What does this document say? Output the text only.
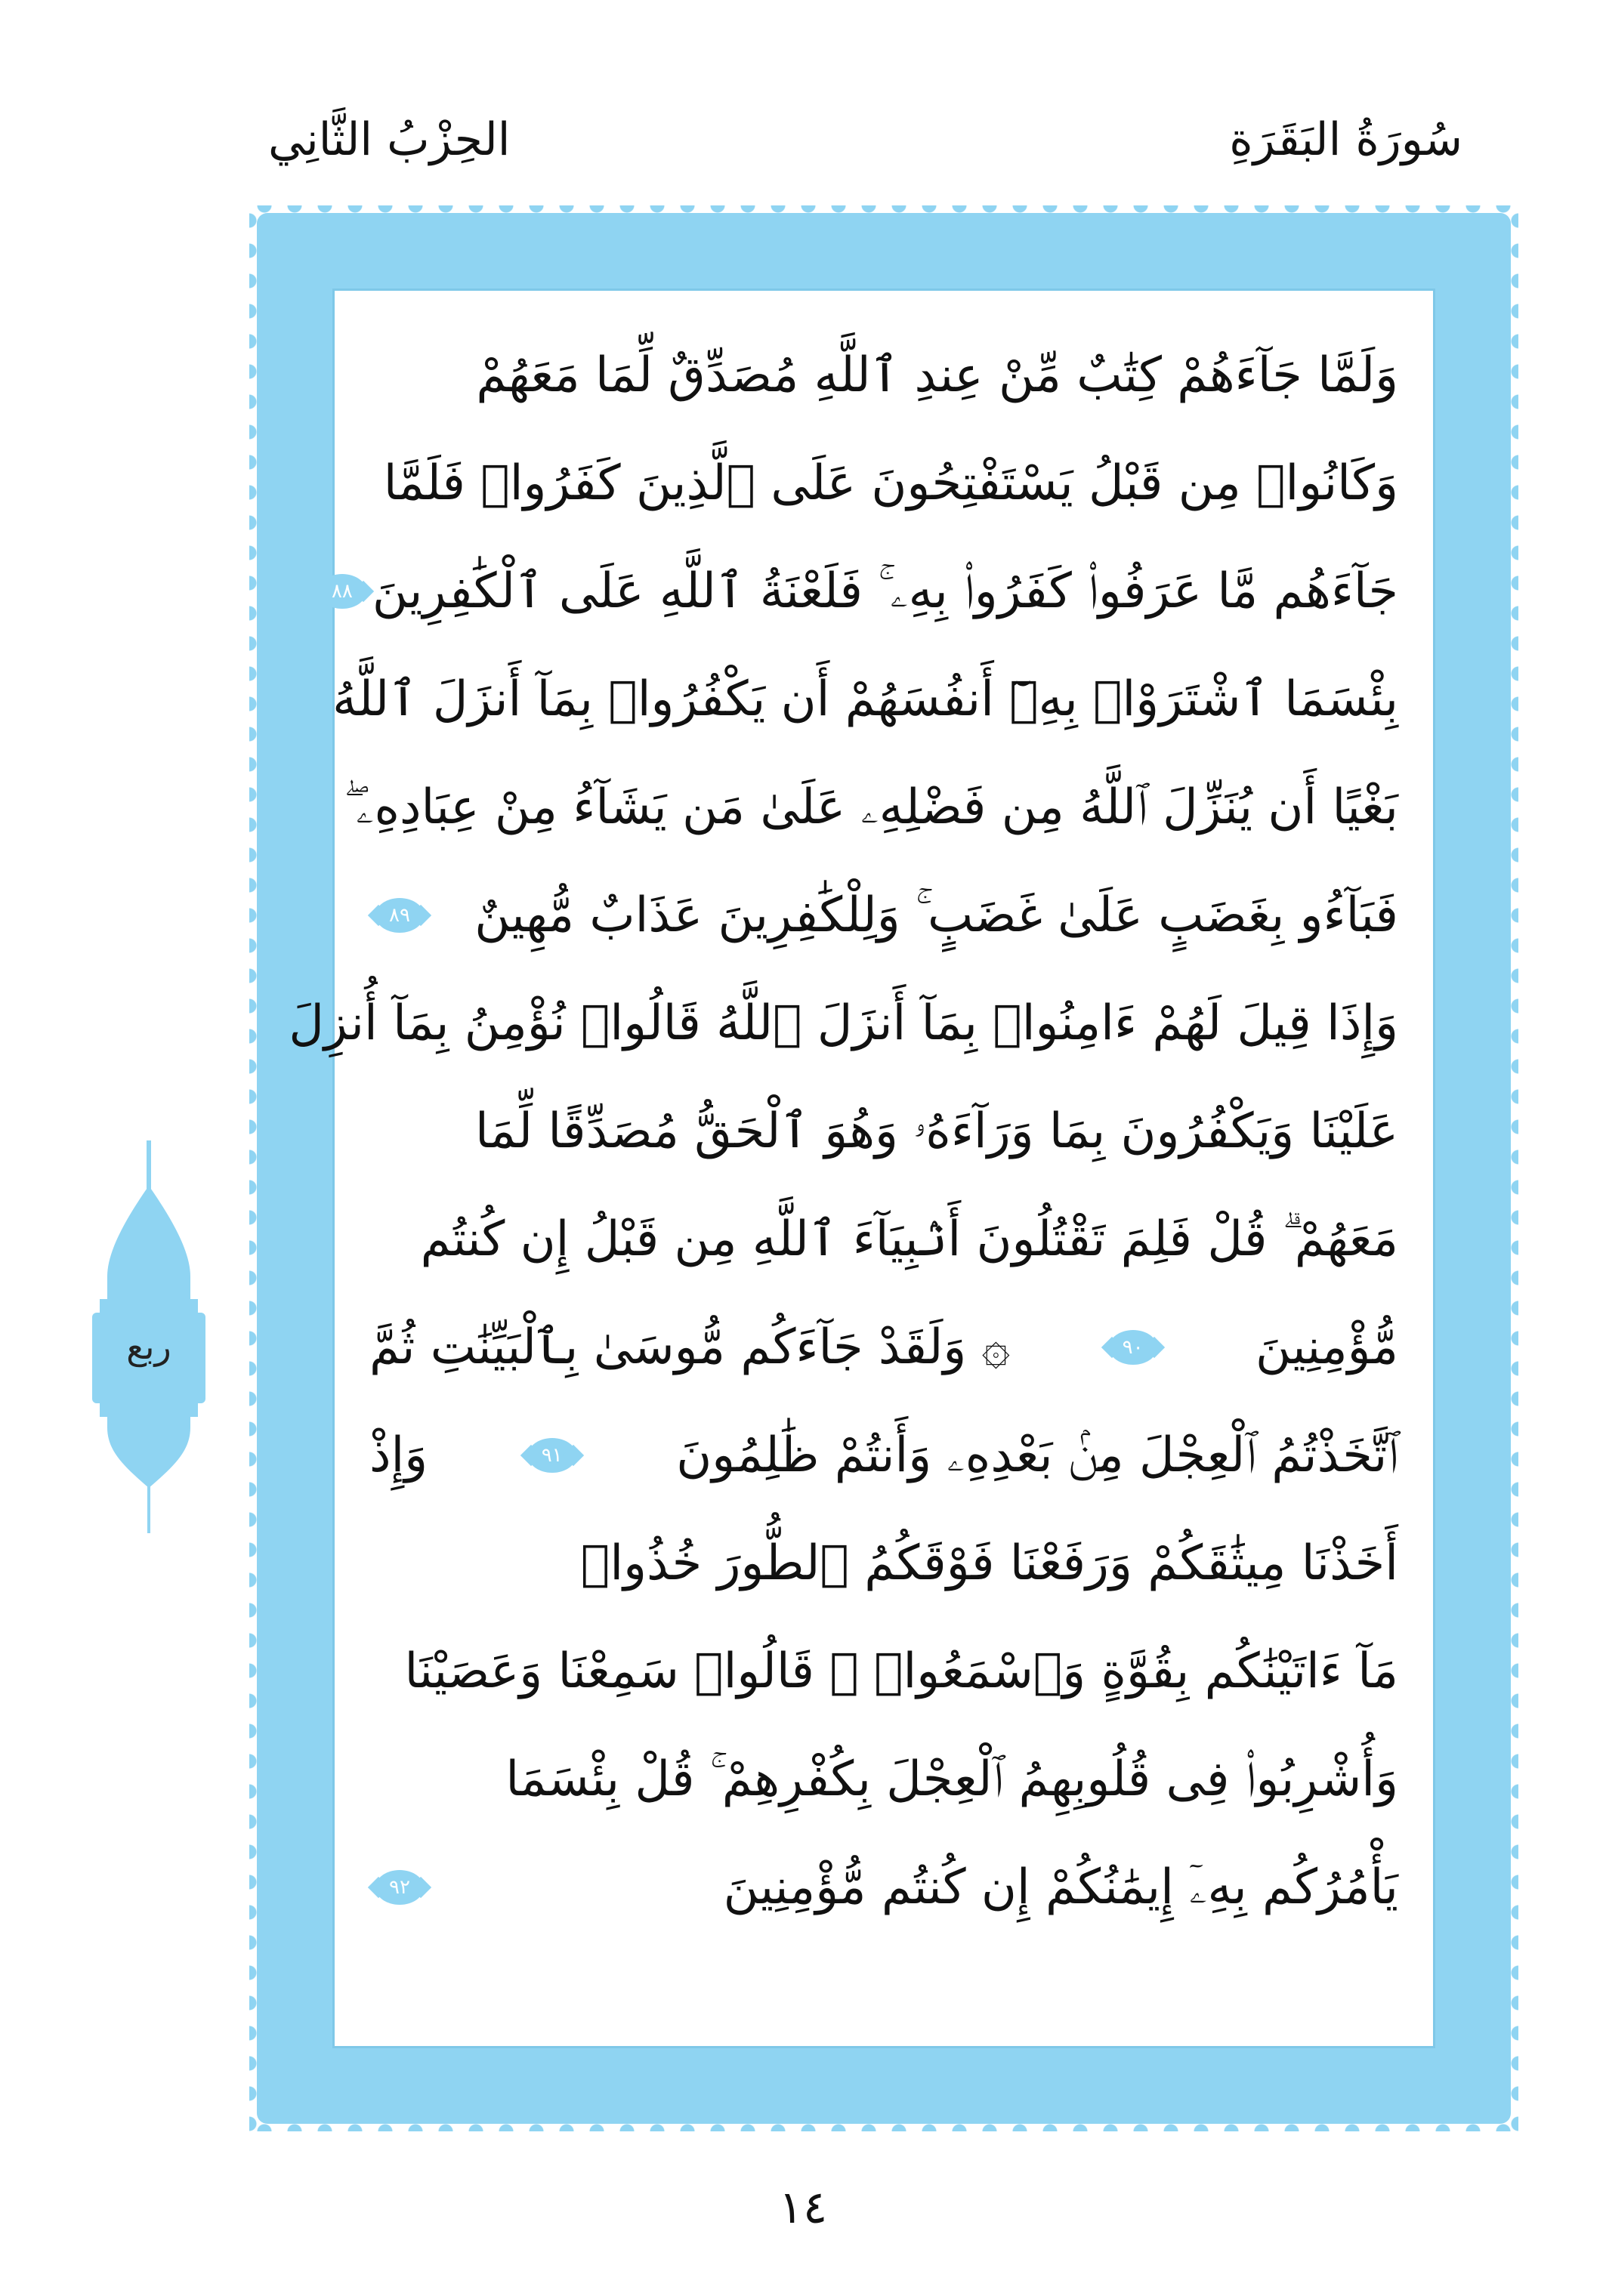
سُورَةُ البَقَرَةِ
الحِزْبُ الثَّانِي
وَلَمَّا جَآءَهُمْ كِتَٰبٌ مِّنْ عِندِ ٱللَّهِ مُصَدِّقٌ لِّمَا مَعَهُمْ
وَكَانُوا۟ مِن قَبْلُ يَسْتَفْتِحُونَ عَلَى ٱلَّذِينَ كَفَرُوا۟ فَلَمَّا
جَآءَهُم مَّا عَرَفُوا۟ كَفَرُوا۟ بِهِۦ ۚ فَلَعْنَةُ ٱللَّهِ عَلَى ٱلْكَٰفِرِينَ
٨٨
بِئْسَمَا ٱشْتَرَوْا۟ بِهِۦٓ أَنفُسَهُمْ أَن يَكْفُرُوا۟ بِمَآ أَنزَلَ ٱللَّهُ
بَغْيًا أَن يُنَزِّلَ ٱللَّهُ مِن فَضْلِهِۦ عَلَىٰ مَن يَشَآءُ مِنْ عِبَادِهِۦ ۖ
فَبَآءُو بِغَضَبٍ عَلَىٰ غَضَبٍ ۚ وَلِلْكَٰفِرِينَ عَذَابٌ مُّهِينٌ
٨٩
وَإِذَا قِيلَ لَهُمْ ءَامِنُوا۟ بِمَآ أَنزَلَ ٱللَّهُ قَالُوا۟ نُؤْمِنُ بِمَآ أُنزِلَ
عَلَيْنَا وَيَكْفُرُونَ بِمَا وَرَآءَهُۥ وَهُوَ ٱلْحَقُّ مُصَدِّقًا لِّمَا
مَعَهُمْ ۗ قُلْ فَلِمَ تَقْتُلُونَ أَنۢبِيَآءَ ٱللَّهِ مِن قَبْلُ إِن كُنتُم
مُّؤْمِنِينَ
٩٠
۞ وَلَقَدْ جَآءَكُم مُّوسَىٰ بِٱلْبَيِّنَٰتِ ثُمَّ
ٱتَّخَذْتُمُ ٱلْعِجْلَ مِنۢ بَعْدِهِۦ وَأَنتُمْ ظَٰلِمُونَ
٩١
وَإِذْ
أَخَذْنَا مِيثَٰقَكُمْ وَرَفَعْنَا فَوْقَكُمُ ٱلطُّورَ خُذُوا۟
مَآ ءَاتَيْنَٰكُم بِقُوَّةٍ وَٱسْمَعُوا۟ ۖ قَالُوا۟ سَمِعْنَا وَعَصَيْنَا
وَأُشْرِبُوا۟ فِى قُلُوبِهِمُ ٱلْعِجْلَ بِكُفْرِهِمْ ۚ قُلْ بِئْسَمَا
يَأْمُرُكُم بِهِۦٓ إِيمَٰنُكُمْ إِن كُنتُم مُّؤْمِنِينَ
٩٢
ربع
١٤
